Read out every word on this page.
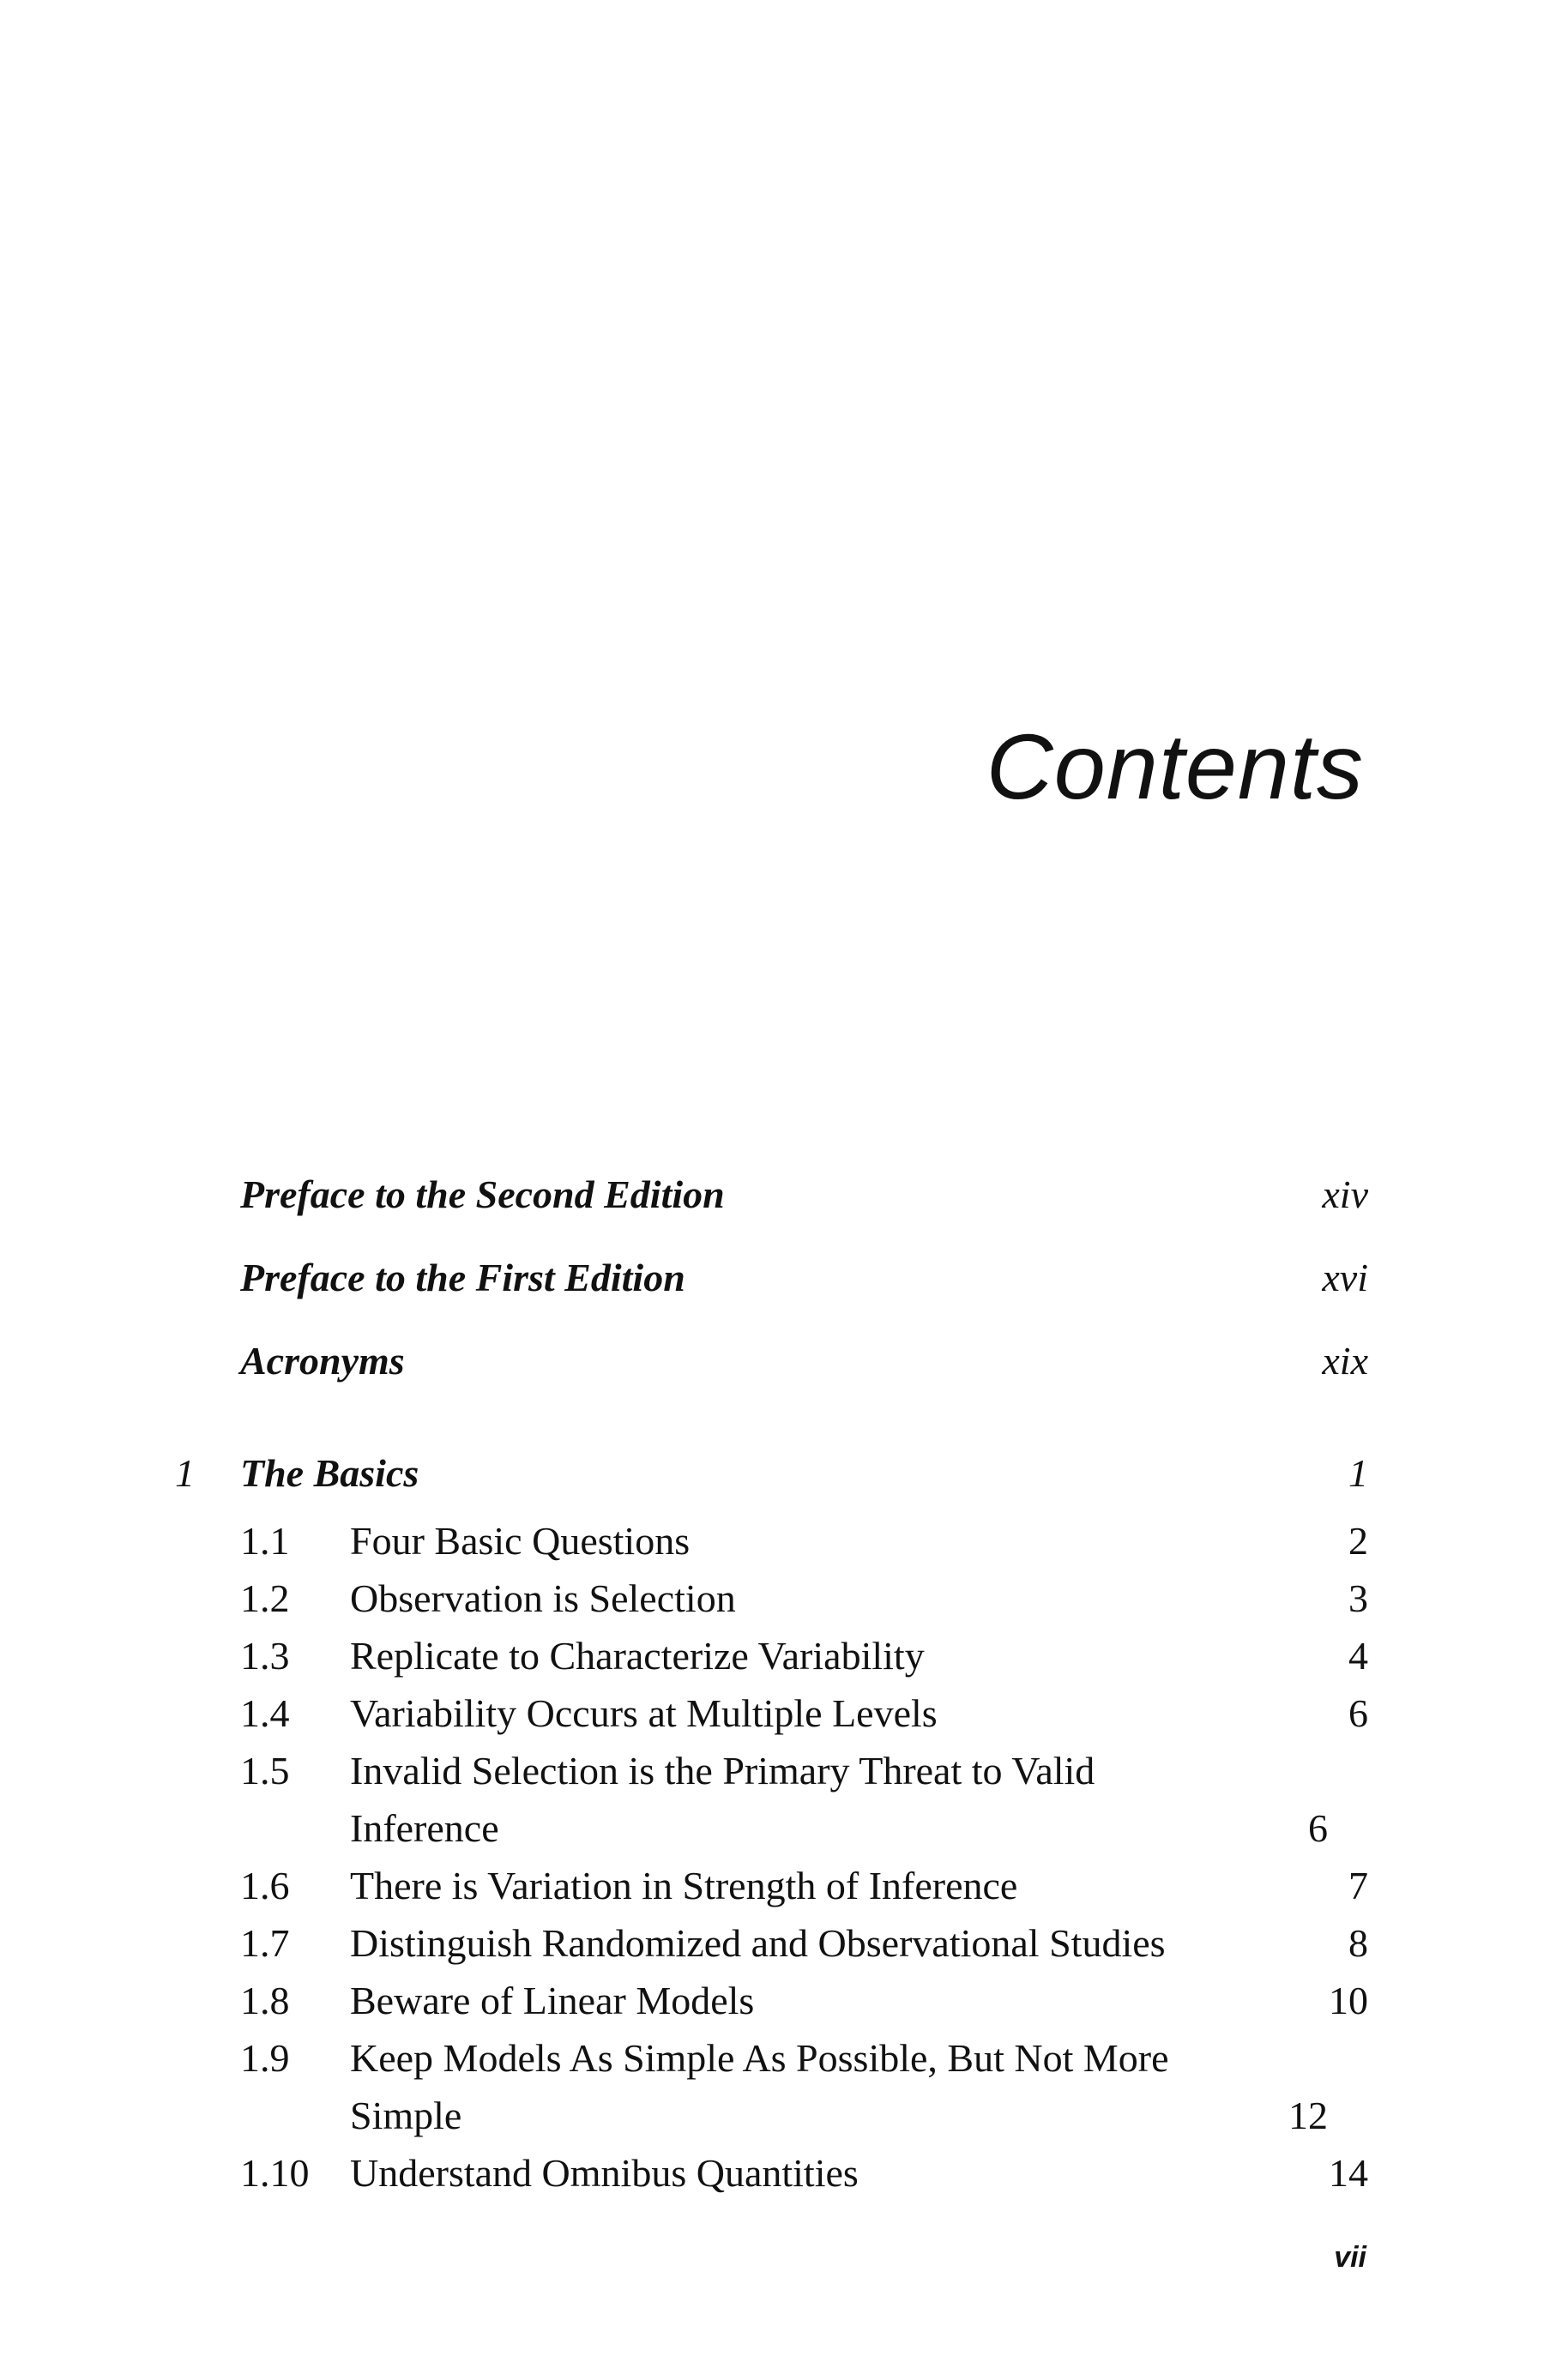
Contents
Preface to the Second Edition	xiv
Preface to the First Edition	xvi
Acronyms	xix
1	The Basics	1
1.1	Four Basic Questions	2
1.2	Observation is Selection	3
1.3	Replicate to Characterize Variability	4
1.4	Variability Occurs at Multiple Levels	6
1.5	Invalid Selection is the Primary Threat to Valid Inference	6
1.6	There is Variation in Strength of Inference	7
1.7	Distinguish Randomized and Observational Studies	8
1.8	Beware of Linear Models	10
1.9	Keep Models As Simple As Possible, But Not More Simple	12
1.10	Understand Omnibus Quantities	14
vii
